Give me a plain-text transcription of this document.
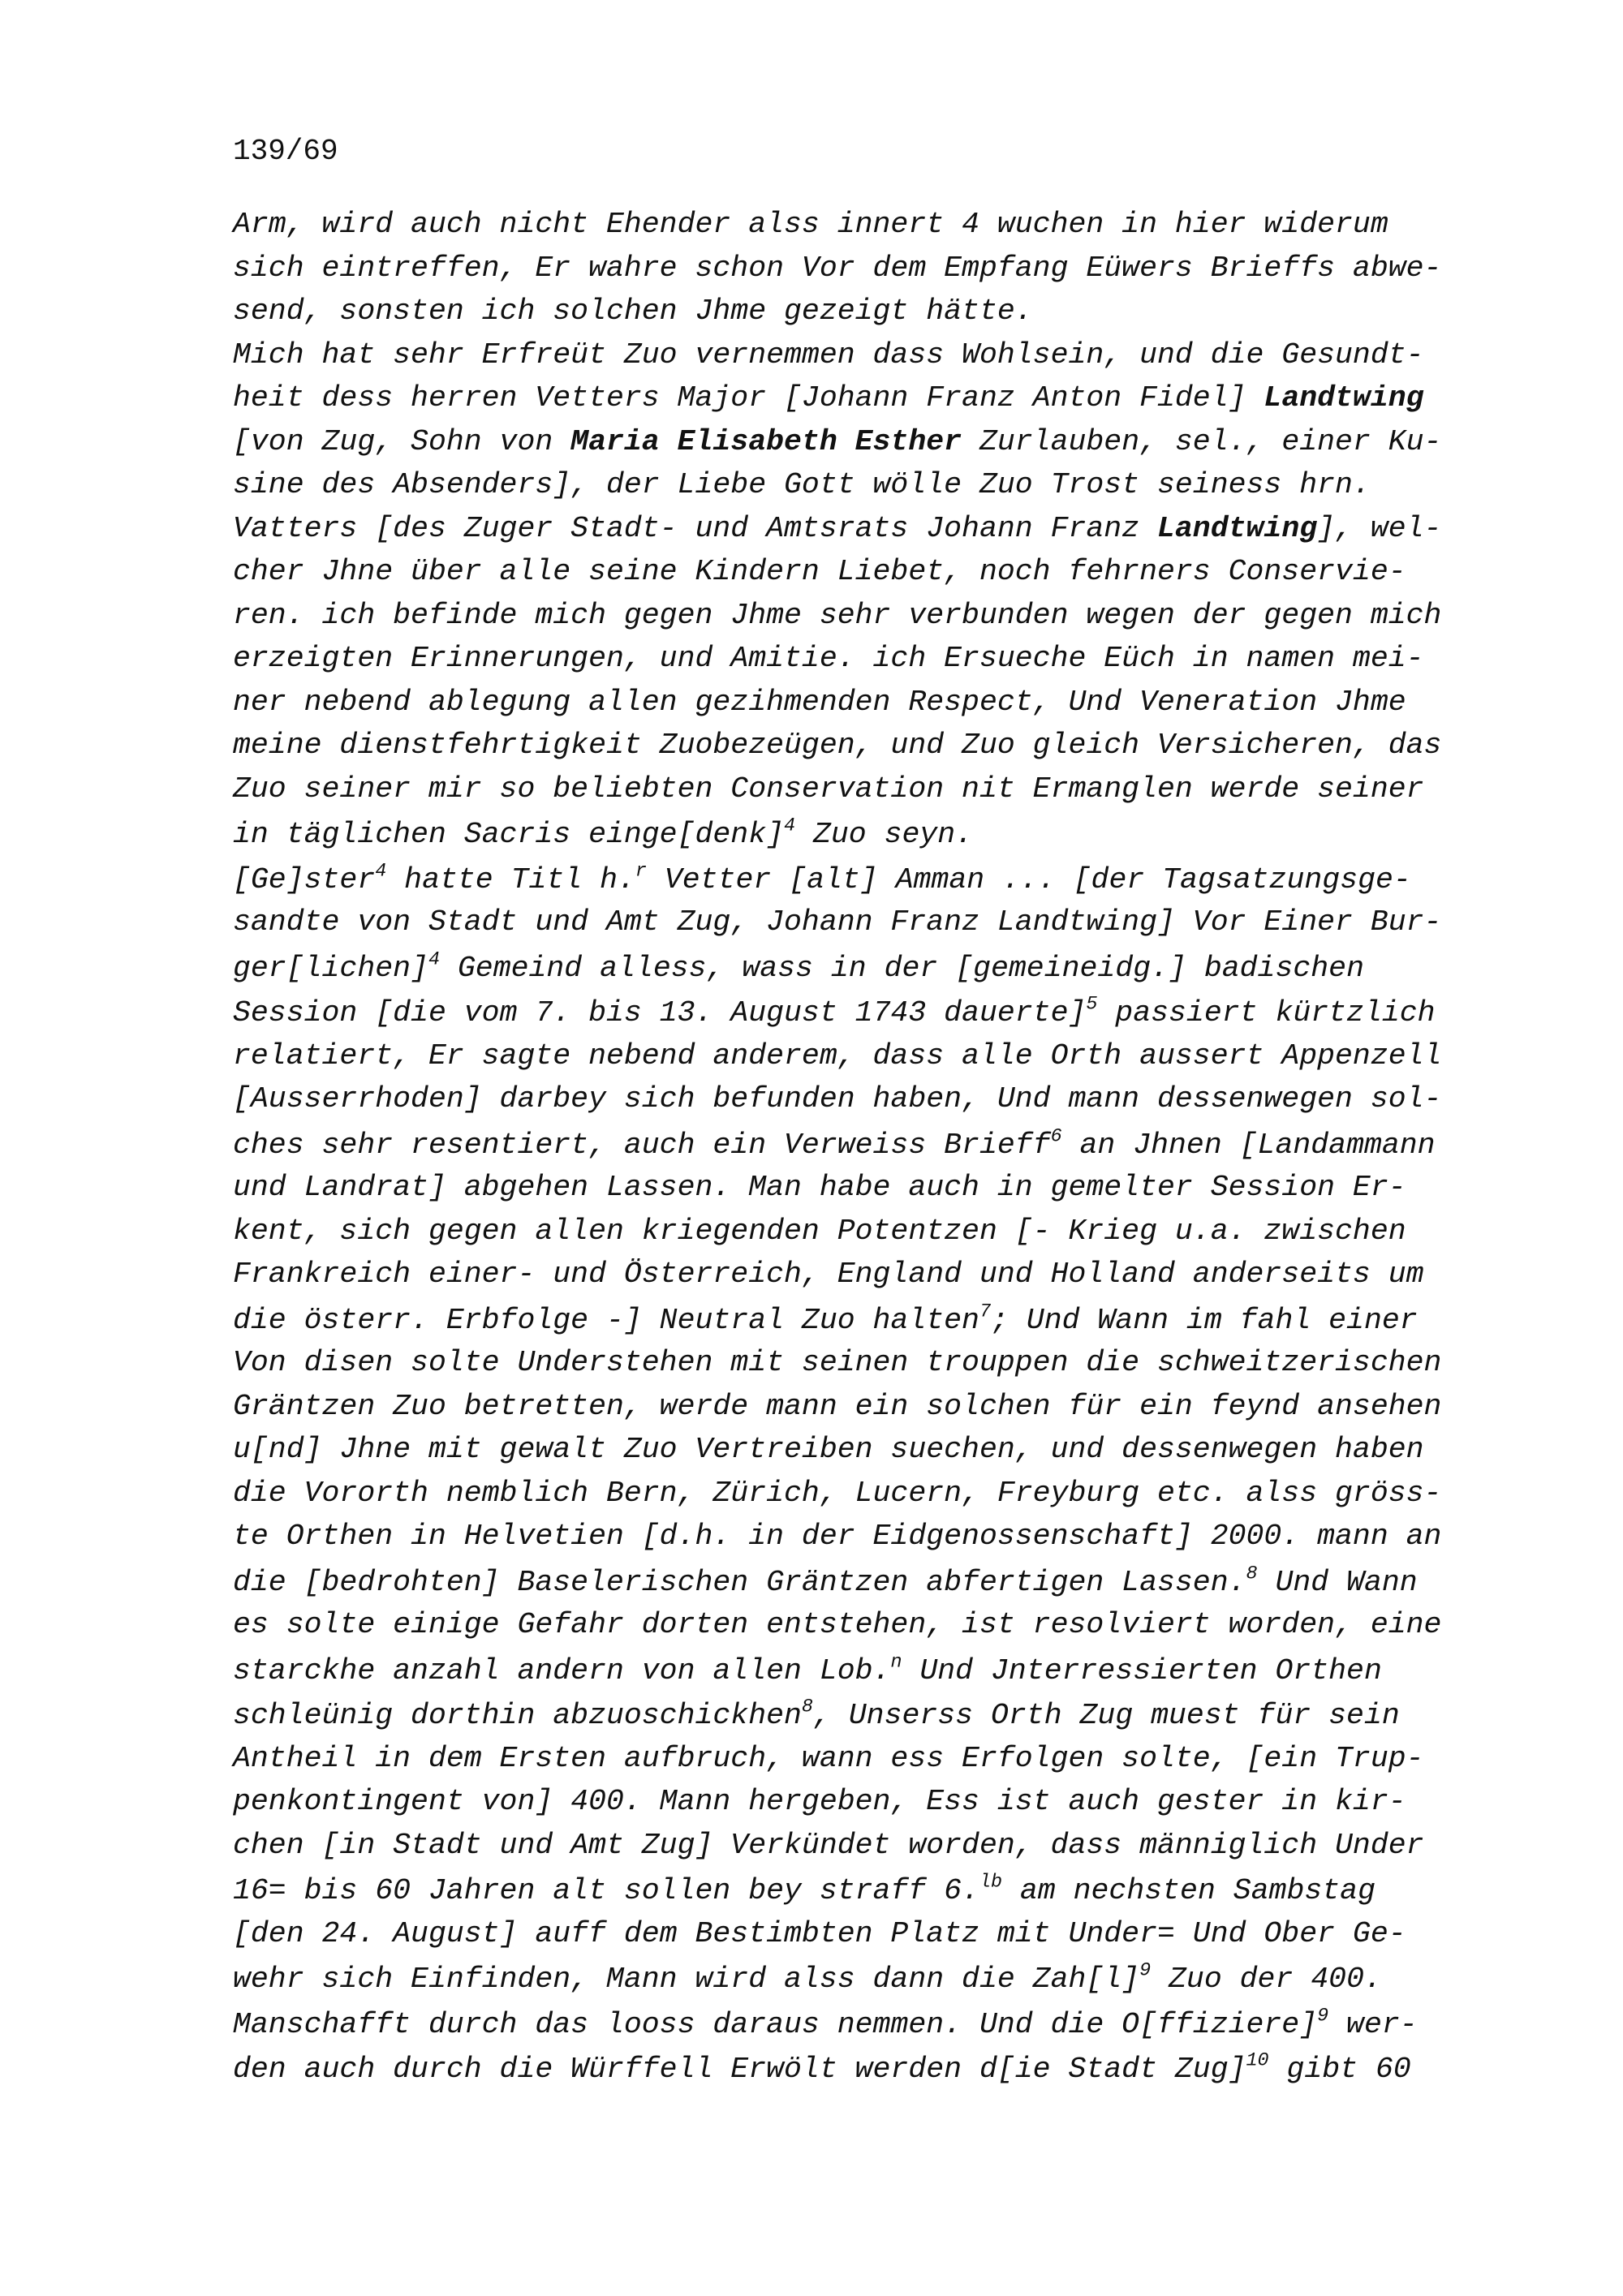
139/69
Arm, wird auch nicht Ehender alss innert 4 wuchen in hier widerum
sich eintreffen, Er wahre schon Vor dem Empfang Eüwers Brieffs abwe-
send, sonsten ich solchen Jhme gezeigt hätte.
Mich hat sehr Erfreüt Zuo vernemmen dass Wohlsein, und die Gesundt-
heit dess herren Vetters Major [Johann Franz Anton Fidel] Landtwing
[von Zug, Sohn von Maria Elisabeth Esther Zurlauben, sel., einer Ku-
sine des Absenders], der Liebe Gott wölle Zuo Trost seiness hrn.
Vatters [des Zuger Stadt- und Amtsrats Johann Franz Landtwing], wel-
cher Jhne über alle seine Kindern Liebet, noch fehrners Conservie-
ren. ich befinde mich gegen Jhme sehr verbunden wegen der gegen mich
erzeigten Erinnerungen, und Amitie. ich Ersueche Eüch in namen mei-
ner nebend ablegung allen gezihmenden Respect, Und Veneration Jhme
meine dienstfehrtigkeit Zuobezeügen, und Zuo gleich Versicheren, das
Zuo seiner mir so beliebten Conservation nit Ermanglen werde seiner
in täglichen Sacris einge[denk]$^4$ Zuo seyn.
[Ge]ster$^4$ hatte Titl h.$^r$ Vetter [alt] Amman ... [der Tagsatzungsge-
sandte von Stadt und Amt Zug, Johann Franz Landtwing] Vor Einer Bur-
ger[lichen]$^4$ Gemeind alless, wass in der [gemeineidg.] badischen
Session [die vom 7. bis 13. August 1743 dauerte]$^5$ passiert kürtzlich
relatiert, Er sagte nebend anderem, dass alle Orth aussert Appenzell
[Ausserrhoden] darbey sich befunden haben, Und mann dessenwegen sol-
ches sehr resentiert, auch ein Verweiss Brieff$^6$ an Jhnen [Landammann
und Landrat] abgehen Lassen. Man habe auch in gemelter Session Er-
kent, sich gegen allen kriegenden Potentzen [- Krieg u.a. zwischen
Frankreich einer- und Österreich, England und Holland anderseits um
die österr. Erbfolge -] Neutral Zuo halten$^7$; Und Wann im fahl einer
Von disen solte Understehen mit seinen trouppen die schweitzerischen
Gräntzen Zuo betretten, werde mann ein solchen für ein feynd ansehen
u[nd] Jhne mit gewalt Zuo Vertreiben suechen, und dessenwegen haben
die Vororth nemblich Bern, Zürich, Lucern, Freyburg etc. alss gröss-
te Orthen in Helvetien [d.h. in der Eidgenossenschaft] 2000. mann an
die [bedrohten] Baselerischen Gräntzen abfertigen Lassen.$^8$ Und Wann
es solte einige Gefahr dorten entstehen, ist resolviert worden, eine
starckhe anzahl andern von allen Lob.$^n$ Und Jnterressierten Orthen
schleünig dorthin abzuoschickhen$^8$, Unserss Orth Zug muest für sein
Antheil in dem Ersten aufbruch, wann ess Erfolgen solte, [ein Trup-
penkontingent von] 400. Mann hergeben, Ess ist auch gester in kir-
chen [in Stadt und Amt Zug] Verkündet worden, dass männiglich Under
16= bis 60 Jahren alt sollen bey straff 6.$^{lb}$ am nechsten Sambstag
[den 24. August] auff dem Bestimbten Platz mit Under= Und Ober Ge-
wehr sich Einfinden, Mann wird alss dann die $Zah[l]^9$ Zuo der 400.
Manschafft durch das looss daraus nemmen. Und die O[ffiziere]$^9$ wer-
den auch durch die Würffell Erwölt werden d[ie Stadt Zug]$^{10}$ gibt 60
